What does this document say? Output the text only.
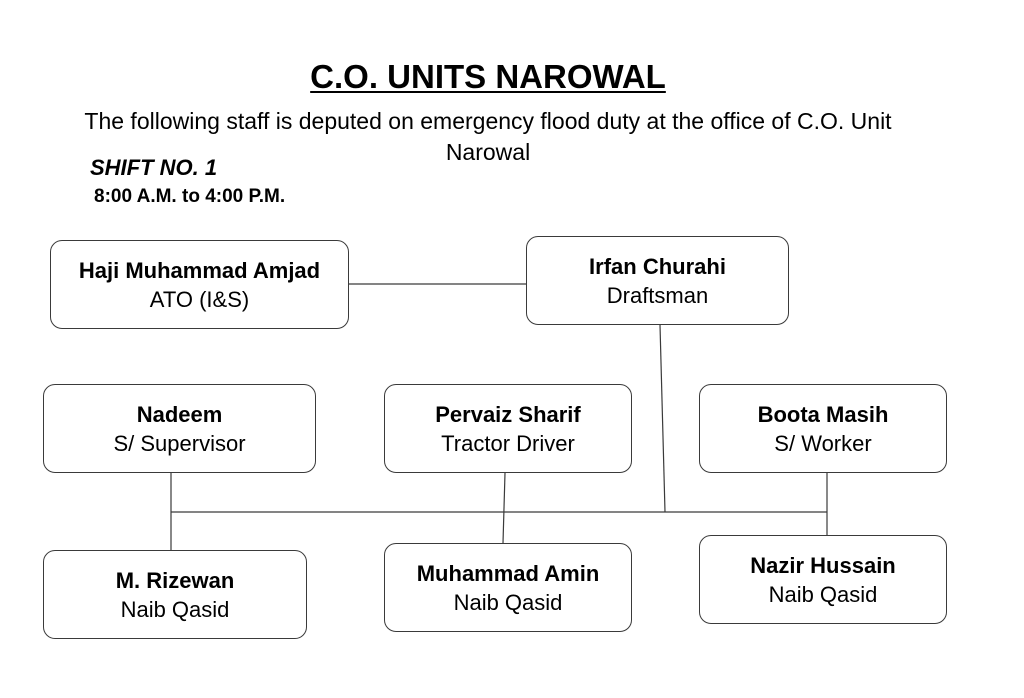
C.O. UNITS NAROWAL

The following staff is deputed on emergency flood duty at the office of C.O. Unit Narowal

SHIFT NO. 1
8:00 A.M. to 4:00 P.M.
Haji Muhammad Amjad
ATO (I&S)
Irfan Churahi
Draftsman
Nadeem
S/ Supervisor
Pervaiz Sharif
Tractor Driver
Boota Masih
S/ Worker
M. Rizewan
Naib Qasid
Muhammad Amin
Naib Qasid
Nazir Hussain
Naib Qasid
